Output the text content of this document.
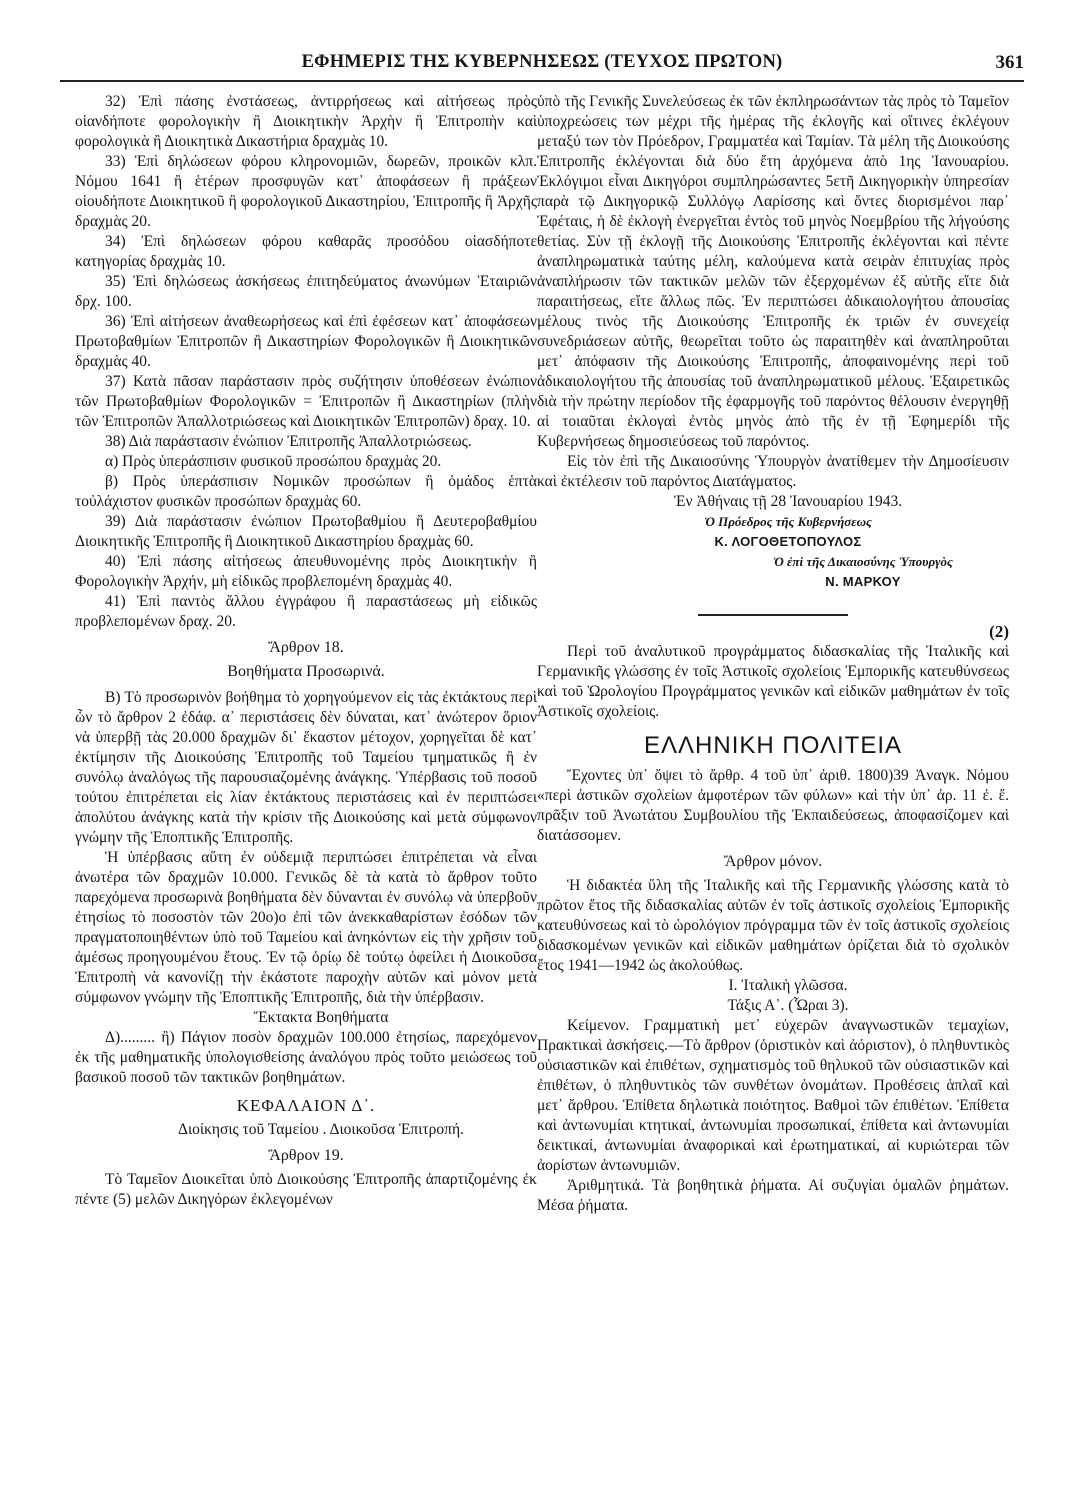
ΕΦΗΜΕΡΙΣ ΤΗΣ ΚΥΒΕΡΝΗΣΕΩΣ (ΤΕΥΧΟΣ ΠΡΩΤΟΝ)	361

32) Ἐπὶ πάσης ἐνστάσεως, ἀντιρρήσεως καὶ αἰτήσεως πρὸς οἱανδήποτε φορολογικὴν ἢ Διοικητικὴν Ἀρχὴν ἢ Ἐπιτροπὴν καὶ φορολογικὰ ἢ Διοικητικὰ Δικαστήρια δραχμὰς 10.

33) Ἐπὶ δηλώσεων φόρου κληρονομιῶν, δωρεῶν, προικῶν κλπ. Νόμου 1641 ἢ ἑτέρων προσφυγῶν κατ᾽ ἀποφάσεων ἢ πράξεων οἱουδήποτε Διοικητικοῦ ἢ φορολογικοῦ Δικαστηρίου, Ἐπιτροπῆς ἢ Ἀρχῆς δραχμὰς 20.

34) Ἐπὶ δηλώσεων φόρου καθαρᾶς προσόδου οἱασδήποτε κατηγορίας δραχμὰς 10.

35) Ἐπὶ δηλώσεως ἀσκήσεως ἐπιτηδεύματος ἀνωνύμων Ἑταιριῶν δρχ. 100.

36) Ἐπὶ αἰτήσεων ἀναθεωρήσεως καὶ ἐπὶ ἐφέσεων κατ᾽ ἀποφάσεων Πρωτοβαθμίων Ἐπιτροπῶν ἢ Δικαστηρίων Φορολογικῶν ἢ Διοικητικῶν δραχμὰς 40.

37) Κατὰ πᾶσαν παράστασιν πρὸς συζήτησιν ὑποθέσεων ἐνώπιον τῶν Πρωτοβαθμίων Φορολογικῶν = Ἐπιτροπῶν ἢ Δικαστηρίων (πλὴν τῶν Ἐπιτροπῶν Ἀπαλλοτριώσεως καὶ Διοικητικῶν Ἐπιτροπῶν) δραχ. 10.

38) Διὰ παράστασιν ἐνώπιον Ἐπιτροπῆς Ἀπαλλοτριώσεως.

α) Πρὸς ὑπεράσπισιν φυσικοῦ προσώπου δραχμὰς 20.

β) Πρὸς ὑπεράσπισιν Νομικῶν προσώπων ἢ ὁμάδος ἑπτὰ τοὐλάχιστον φυσικῶν προσώπων δραχμὰς 60.

39) Διὰ παράστασιν ἐνώπιον Πρωτοβαθμίου ἢ Δευτεροβαθμίου Διοικητικῆς Ἐπιτροπῆς ἢ Διοικητικοῦ Δικαστηρίου δραχμὰς 60.

40) Ἐπὶ πάσης αἰτήσεως ἀπευθυνομένης πρὸς Διοικητικὴν ἢ Φορολογικὴν Ἀρχήν, μὴ εἰδικῶς προβλεπομένη δραχμὰς 40.

41) Ἐπὶ παντὸς ἄλλου ἐγγράφου ἢ παραστάσεως μὴ εἰδικῶς προβλεπομένων δραχ. 20.

Ἄρθρον 18.

Βοηθήματα Προσωρινά.

Β) Τὸ προσωρινὸν βοήθημα τὸ χορηγούμενον εἰς τὰς ἐκτάκτους περὶ ὧν τὸ ἄρθρον 2 ἐδάφ. α᾽ περιστάσεις δὲν δύναται, κατ᾽ ἀνώτερον ὅριον νὰ ὑπερβῇ τὰς 20.000 δραχμῶν δι᾽ ἕκαστον μέτοχον, χορηγεῖται δὲ κατ᾽ ἐκτίμησιν τῆς Διοικούσης Ἐπιτροπῆς τοῦ Ταμείου τμηματικῶς ἢ ἐν συνόλῳ ἀναλόγως τῆς παρουσιαζομένης ἀνάγκης. Ὑπέρβασις τοῦ ποσοῦ τούτου ἐπιτρέπεται εἰς λίαν ἐκτάκτους περιστάσεις καὶ ἐν περιπτώσει ἀπολύτου ἀνάγκης κατὰ τὴν κρίσιν τῆς Διοικούσης καὶ μετὰ σύμφωνον γνώμην τῆς Ἐποπτικῆς Ἐπιτροπῆς.

Ἡ ὑπέρβασις αὕτη ἐν οὐδεμιᾷ περιπτώσει ἐπιτρέπεται νὰ εἶναι ἀνωτέρα τῶν δραχμῶν 10.000. Γενικῶς δὲ τὰ κατὰ τὸ ἄρθρον τοῦτο παρεχόμενα προσωρινὰ βοηθήματα δὲν δύνανται ἐν συνόλῳ νὰ ὑπερβοῦν ἐτησίως τὸ ποσοστὸν τῶν 20ο)ο ἐπὶ τῶν ἀνεκκαθαρίστων ἐσόδων τῶν πραγματοποιηθέντων ὑπὸ τοῦ Ταμείου καὶ ἀνηκόντων εἰς τὴν χρῆσιν τοῦ ἀμέσως προηγουμένου ἔτους. Ἐν τῷ ὁρίῳ δὲ τούτῳ ὀφείλει ἡ Διοικοῦσα Ἐπιτροπὴ νὰ κανονίζῃ τὴν ἑκάστοτε παροχὴν αὐτῶν καὶ μόνον μετὰ σύμφωνον γνώμην τῆς Ἐποπτικῆς Ἐπιτροπῆς, διὰ τὴν ὑπέρβασιν.

Ἔκτακτα Βοηθήματα

Δ)......... ἢ) Πάγιον ποσὸν δραχμῶν 100.000 ἐτησίως, παρεχόμενον ἐκ τῆς μαθηματικῆς ὑπολογισθείσης ἀναλόγου πρὸς τοῦτο μειώσεως τοῦ βασικοῦ ποσοῦ τῶν τακτικῶν βοηθημάτων.

ΚΕΦΑΛΑΙΟΝ Δ᾽.

Διοίκησις τοῦ Ταμείου . Διοικοῦσα Ἐπιτροπή.

Ἄρθρον 19.

Τὸ Ταμεῖον Διοικεῖται ὑπὸ Διοικούσης Ἐπιτροπῆς ἀπαρτιζομένης ἐκ πέντε (5) μελῶν Δικηγόρων ἐκλεγομένων

ὑπὸ τῆς Γενικῆς Συνελεύσεως ἐκ τῶν ἐκπληρωσάντων τὰς πρὸς τὸ Ταμεῖον ὑποχρεώσεις των μέχρι τῆς ἡμέρας τῆς ἐκλογῆς καὶ οἵτινες ἐκλέγουν μεταξύ των τὸν Πρόεδρον, Γραμματέα καὶ Ταμίαν. Τὰ μέλη τῆς Διοικούσης Ἐπιτροπῆς ἐκλέγονται διὰ δύο ἔτη ἀρχόμενα ἀπὸ 1ης Ἰανουαρίου. Ἐκλόγιμοι εἶναι Δικηγόροι συμπληρώσαντες 5ετῆ Δικηγορικὴν ὑπηρεσίαν παρὰ τῷ Δικηγορικῷ Συλλόγῳ Λαρίσσης καὶ ὄντες διορισμένοι παρ᾽ Ἐφέταις, ἡ δὲ ἐκλογὴ ἐνεργεῖται ἐντὸς τοῦ μηνὸς Νοεμβρίου τῆς λήγούσης θετίας. Σὺν τῇ ἐκλογῇ τῆς Διοικούσης Ἐπιτροπῆς ἐκλέγονται καὶ πέντε ἀναπληρωματικὰ ταύτης μέλη, καλούμενα κατὰ σειρὰν ἐπιτυχίας πρὸς ἀναπλήρωσιν τῶν τακτικῶν μελῶν τῶν ἐξερχομένων ἐξ αὐτῆς εἴτε διὰ παραιτήσεως, εἴτε ἄλλως πῶς. Ἐν περιπτώσει ἀδικαιολογήτου ἀπουσίας μέλους τινὸς τῆς Διοικούσης Ἐπιτροπῆς ἐκ τριῶν ἐν συνεχείᾳ συνεδριάσεων αὐτῆς, θεωρεῖται τοῦτο ὡς παραιτηθὲν καὶ ἀναπληροῦται μετ᾽ ἀπόφασιν τῆς Διοικούσης Ἐπιτροπῆς, ἀποφαινομένης περὶ τοῦ ἀδικαιολογήτου τῆς ἀπουσίας τοῦ ἀναπληρωματικοῦ μέλους. Ἐξαιρετικῶς διὰ τὴν πρώτην περίοδον τῆς ἐφαρμογῆς τοῦ παρόντος θέλουσιν ἐνεργηθῇ αἱ τοιαῦται ἐκλογαὶ ἐντὸς μηνὸς ἀπὸ τῆς ἐν τῇ Ἐφημερίδι τῆς Κυβερνήσεως δημοσιεύσεως τοῦ παρόντος.

Εἰς τὸν ἐπὶ τῆς Δικαιοσύνης Ὑπουργὸν ἀνατίθεμεν τὴν Δημοσίευσιν καὶ ἐκτέλεσιν τοῦ παρόντος Διατάγματος.

Ἐν Ἀθήναις τῇ 28 Ἰανουαρίου 1943.

Ὁ Πρόεδρος τῆς Κυβερνήσεως

Κ. ΛΟΓΟΘΕΤΟΠΟΥΛΟΣ

Ὁ ἐπὶ τῆς Δικαιοσύνης Ὑπουργὸς

Ν. ΜΑΡΚΟΥ

(2)

Περὶ τοῦ ἀναλυτικοῦ προγράμματος διδασκαλίας τῆς Ἰταλικῆς καὶ Γερμανικῆς γλώσσης ἐν τοῖς Ἀστικοῖς σχολείοις Ἐμπορικῆς κατευθύνσεως καὶ τοῦ Ὡρολογίου Προγράμματος γενικῶν καὶ εἰδικῶν μαθημάτων ἐν τοῖς Ἀστικοῖς σχολείοις.

ΕΛΛΗΝΙΚΗ ΠΟΛΙΤΕΙΑ

Ἔχοντες ὑπ᾽ ὄψει τὸ ἄρθρ. 4 τοῦ ὑπ᾽ ἀριθ. 1800)39 Ἀναγκ. Νόμου «περὶ ἀστικῶν σχολείων ἀμφοτέρων τῶν φύλων» καὶ τὴν ὑπ᾽ ἀρ. 11 ἐ. ἔ. πρᾶξιν τοῦ Ἀνωτάτου Συμβουλίου τῆς Ἐκπαιδεύσεως, ἀποφασίζομεν καὶ διατάσσομεν.

Ἄρθρον μόνον.

Ἡ διδακτέα ὕλη τῆς Ἰταλικῆς καὶ τῆς Γερμανικῆς γλώσσης κατὰ τὸ πρῶτον ἔτος τῆς διδασκαλίας αὐτῶν ἐν τοῖς ἀστικοῖς σχολείοις Ἐμπορικῆς κατευθύνσεως καὶ τὸ ὡρολόγιον πρόγραμμα τῶν ἐν τοῖς ἀστικοῖς σχολείοις διδασκομένων γενικῶν καὶ εἰδικῶν μαθημάτων ὁρίζεται διὰ τὸ σχολικὸν ἔτος 1941—1942 ὡς ἀκολούθως.

Ι. Ἰταλικὴ γλῶσσα.

Τάξις Α᾽. (Ὧραι 3).

Κείμενον. Γραμματικὴ μετ᾽ εὐχερῶν ἀναγνωστικῶν τεμαχίων, Πρακτικαὶ ἀσκήσεις.—Τὸ ἄρθρον (ὁριστικὸν καὶ ἀόριστον), ὁ πληθυντικὸς οὐσιαστικῶν καὶ ἐπιθέτων, σχηματισμὸς τοῦ θηλυκοῦ τῶν οὐσιαστικῶν καὶ ἐπιθέτων, ὁ πληθυντικὸς τῶν συνθέτων ὀνομάτων. Προθέσεις ἁπλαῖ καὶ μετ᾽ ἄρθρου. Ἐπίθετα δηλωτικὰ ποιότητος. Βαθμοὶ τῶν ἐπιθέτων. Ἐπίθετα καὶ ἀντωνυμίαι κτητικαί, ἀντωνυμίαι προσωπικαί, ἐπίθετα καὶ ἀντωνυμίαι δεικτικαί, ἀντωνυμίαι ἀναφορικαὶ καὶ ἐρωτηματικαί, αἱ κυριώτεραι τῶν ἀορίστων ἀντωνυμιῶν.

Ἀριθμητικά. Τὰ βοηθητικὰ ῥήματα. Αἱ συζυγίαι ὁμαλῶν ῥημάτων. Μέσα ῥήματα.
